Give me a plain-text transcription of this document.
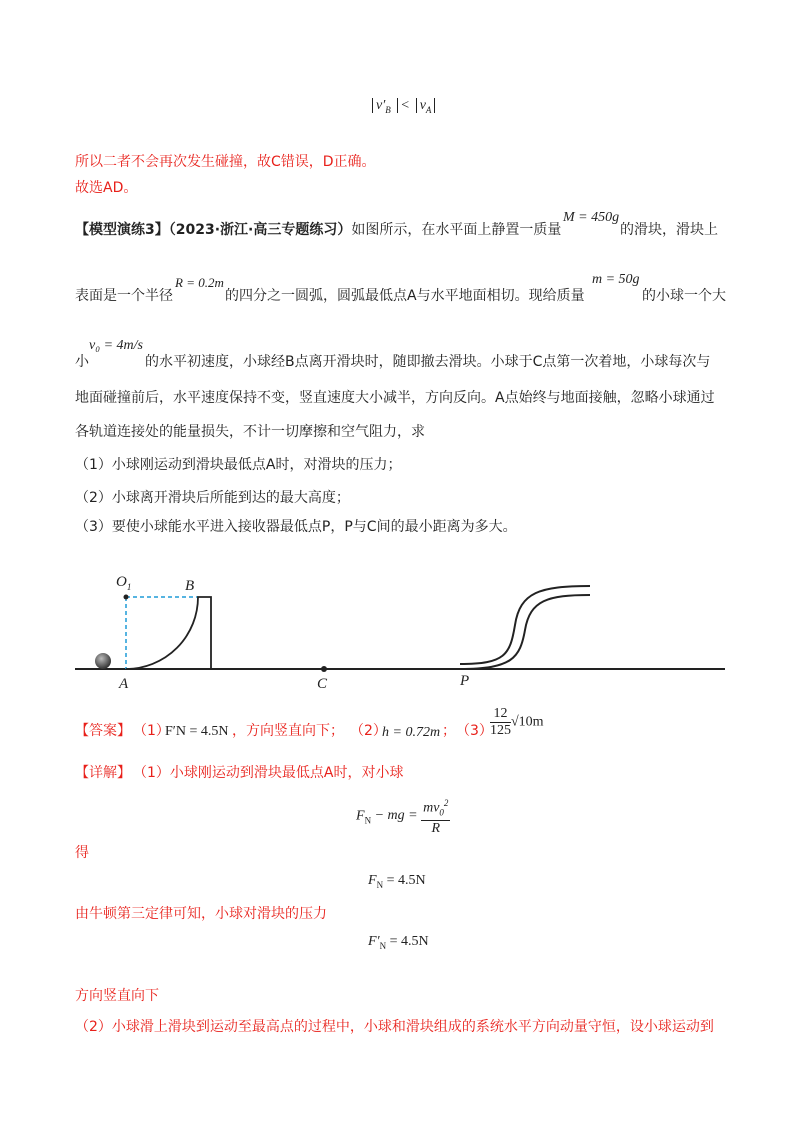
$v'_B < v_A$
所以二者不会再次发生碰撞，故C错误，D正确。
故选AD。
【模型演练3】（2023·浙江·高三专题练习）如图所示，在水平面上静置一质量
M = 450g
的滑块，滑块上
表面是一个半径
R = 0.2m
的四分之一圆弧，圆弧最低点A与水平地面相切。现给质量
m = 50g
的小球一个大
小
v₀ = 4m/s
的水平初速度，小球经B点离开滑块时，随即撤去滑块。小球于C点第一次着地，小球每次与
地面碰撞前后，水平速度保持不变，竖直速度大小减半，方向反向。A点始终与地面接触，忽略小球通过
各轨道连接处的能量损失，不计一切摩擦和空气阻力，求
（1）小球刚运动到滑块最低点A时，对滑块的压力；
（2）小球离开滑块后所能到达的最大高度；
（3）要使小球能水平进入接收器最低点P，P与C间的最小距离为多大。
$O_1$	B
A	C	P
【答案】 （1）
F′N = 4.5N ，方向竖直向下； （2）
h = 0.72m ； （3）
$\frac{12}{125} √10m$
【详解】 （1）小球刚运动到滑块最低点A时，对小球
$F_N$ − mg = $\frac{mv_0^2}{R}$
得
$F_N = 4.5N$
由牛顿第三定律可知，小球对滑块的压力
$F'_N = 4.5N$
方向竖直向下
（2）小球滑上滑块到运动至最高点的过程中，小球和滑块组成的系统水平方向动量守恒，设小球运动到
